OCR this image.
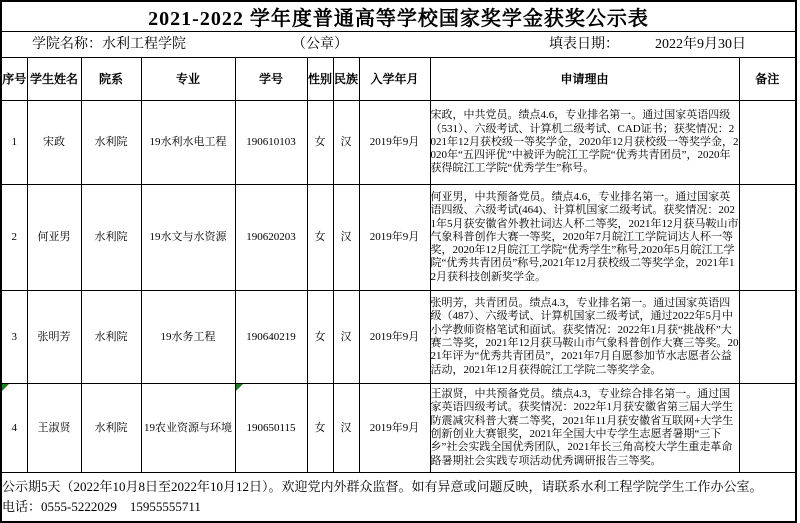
2021-2022 学年度普通高等学校国家奖学金获奖公示表									

学院名称：水利工程学院 （公章） 填表日期： 2022年9月30日									

序号	学生姓名	院系	专业	学号	性别	民族	入学年月	申请理由	备注
1	宋政	水利院	19水利水电工程	190610103	女	汉	2019年9月	宋政，中共党员。绩点4.6，专业排名第一。通过国家英语四级（531）、六级考试、计算机二级考试、CAD证书；获奖情况：2021年12月获校级一等奖学金，2020年12月获校级一等奖学金，2020年“五四评优”中被评为皖江工学院“优秀共青团员”，2020年获得皖江工学院“优秀学生”称号。	
2	何亚男	水利院	19水文与水资源	190620203	女	汉	2019年9月	何亚男，中共预备党员。绩点4.6，专业排名第一。通过国家英语四级、六级考试(464)、计算机国家二级考试。获奖情况：2021年5月获安徽省外教社词达人杯二等奖，2021年12月获马鞍山市气象科普创作大赛一等奖，2020年7月皖江工学院词达人杯一等奖，2020年12月皖江工学院“优秀学生”称号,2020年5月皖江工学院“优秀共青团员”称号,2021年12月获校级二等奖学金，2021年12月获科技创新奖学金。	
3	张明芳	水利院	19水务工程	190640219	女	汉	2019年9月	张明芳，共青团员。绩点4.3，专业排名第一。通过国家英语四级（487）、六级考试、计算机国家二级考试，通过2022年5月中小学教师资格笔试和面试。获奖情况：2022年1月获“挑战杯”大赛二等奖，2021年12月获马鞍山市气象科普创作大赛三等奖。2021年评为“优秀共青团员”，2021年7月自愿参加节水志愿者公益活动，2021年12月获得皖江工学院二等奖学金。	

4	王淑贤	水利院	19农业资源与环境	190650115	女	汉	2019年9月	王淑贤，中共预备党员。绩点4.3，专业综合排名第一。通过国家英语四级考试。获奖情况：2022年1月获安徽省第三届大学生防震减灾科普大赛二等奖，2021年11月获安徽省互联网+大学生创新创业大赛银奖，2021年全国大中专学生志愿者暑期“三下乡”社会实践全国优秀团队，2021年长三角高校大学生重走革命路暑期社会实践专项活动优秀调研报告三等奖。	

公示期5天（2022年10月8日至2022年10月12日）。欢迎党内外群众监督。如有异意或问题反映，请联系水利工程学院学生工作办公室。
电话：0555-5222029　15955555711									
